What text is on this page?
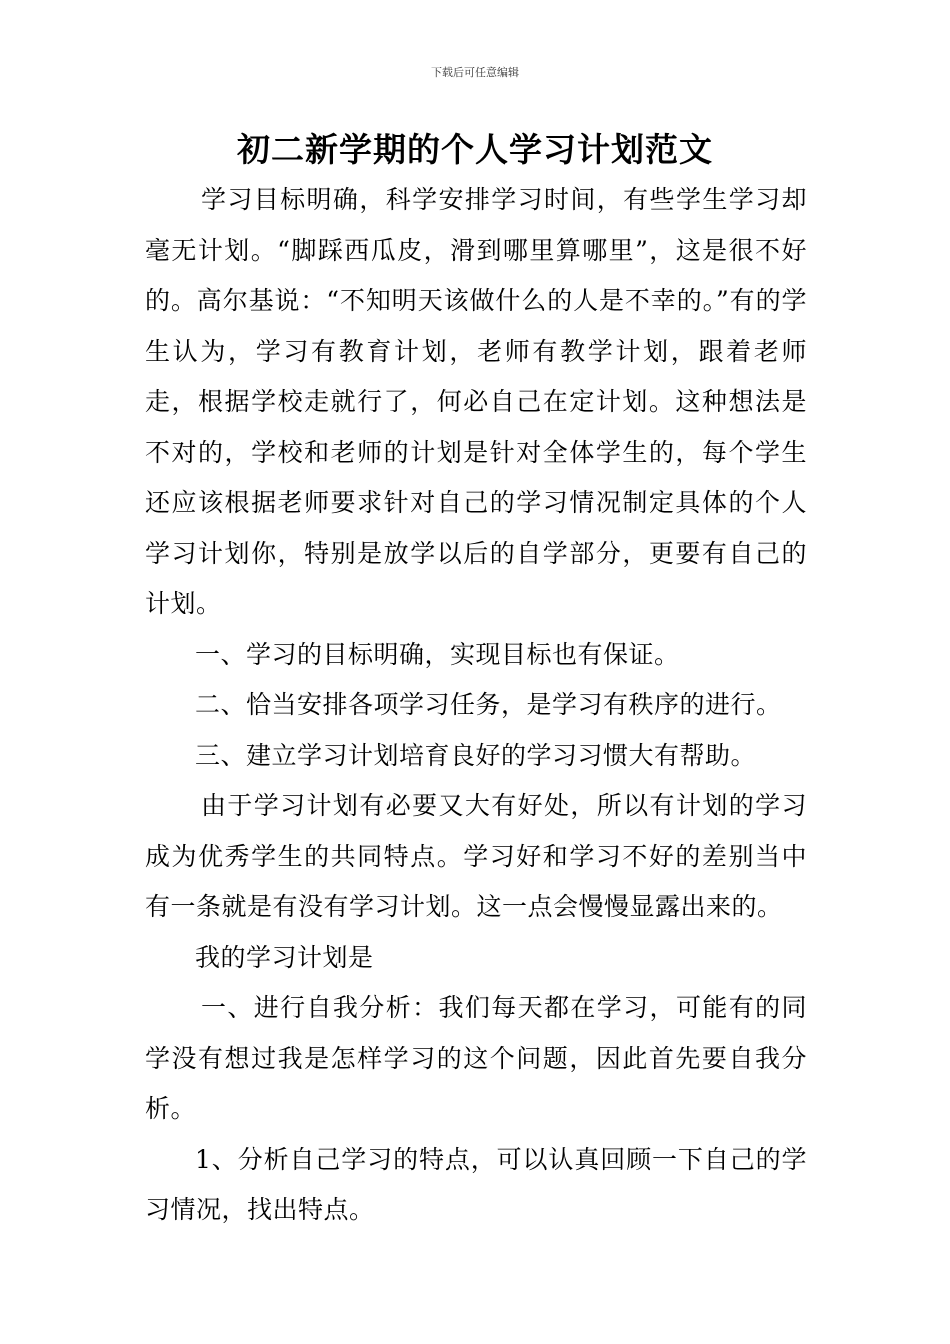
下载后可任意编辑
初二新学期的个人学习计划范文

学习目标明确，科学安排学习时间，有些学生学习却毫无计划。“脚踩西瓜皮，滑到哪里算哪里”，这是很不好的。高尔基说：“不知明天该做什么的人是不幸的。”有的学生认为，学习有教育计划，老师有教学计划，跟着老师走，根据学校走就行了，何必自己在定计划。这种想法是不对的，学校和老师的计划是针对全体学生的，每个学生还应该根据老师要求针对自己的学习情况制定具体的个人学习计划你，特别是放学以后的自学部分，更要有自己的计划。

一、学习的目标明确，实现目标也有保证。

二、恰当安排各项学习任务，是学习有秩序的进行。

三、建立学习计划培育良好的学习习惯大有帮助。

由于学习计划有必要又大有好处，所以有计划的学习成为优秀学生的共同特点。学习好和学习不好的差别当中有一条就是有没有学习计划。这一点会慢慢显露出来的。

我的学习计划是

一、进行自我分析：我们每天都在学习，可能有的同学没有想过我是怎样学习的这个问题，因此首先要自我分析。

1、分析自己学习的特点，可以认真回顾一下自己的学习情况，找出特点。
